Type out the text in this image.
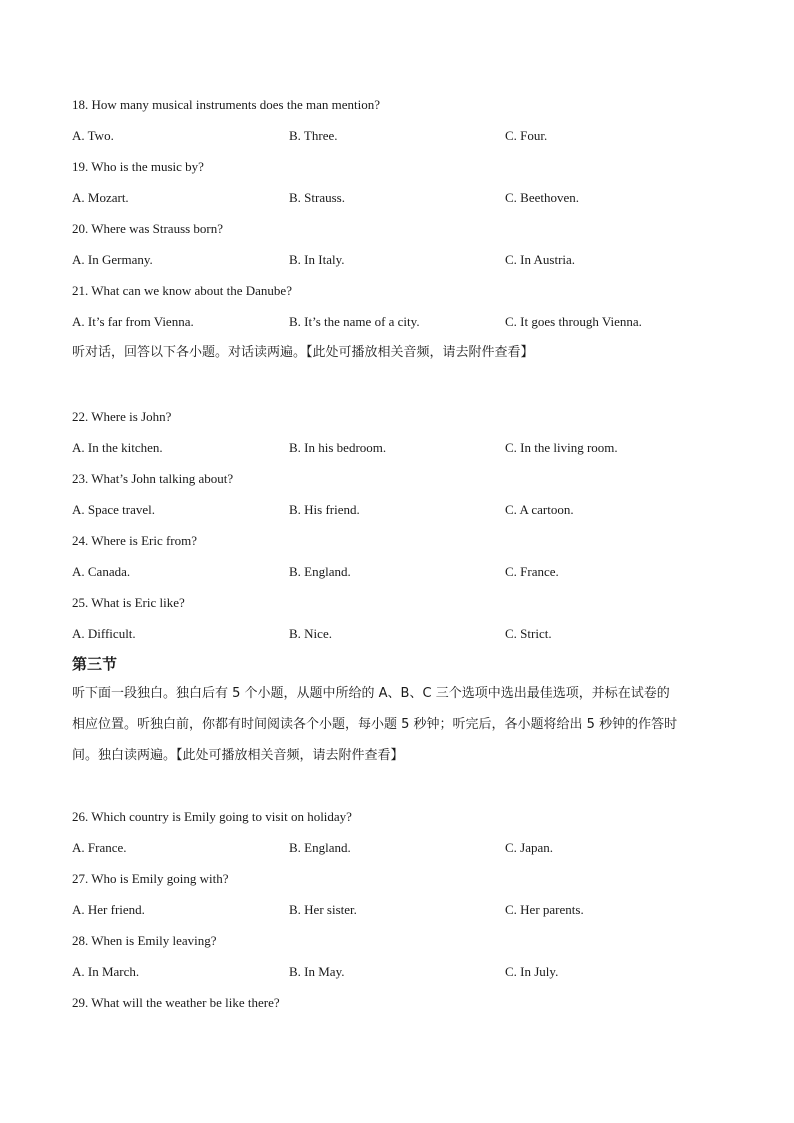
18. How many musical instruments does the man mention?
A. Two.	B. Three.	C. Four.
19. Who is the music by?
A. Mozart.	B. Strauss.	C. Beethoven.
20. Where was Strauss born?
A. In Germany.	B. In Italy.	C. In Austria.
21. What can we know about the Danube?
A. It’s far from Vienna.	B. It’s the name of a city.	C. It goes through Vienna.
听对话，回答以下各小题。对话读两遍。【此处可播放相关音频，请去附件查看】
22. Where is John?
A. In the kitchen.	B. In his bedroom.	C. In the living room.
23. What’s John talking about?
A. Space travel.	B. His friend.	C. A cartoon.
24. Where is Eric from?
A. Canada.	B. England.	C. France.
25. What is Eric like?
A. Difficult.	B. Nice.	C. Strict.
第三节

听下面一段独白。独白后有 5 个小题，从题中所给的 A、B、C 三个选项中选出最佳选项，并标在试卷的

相应位置。听独白前，你都有时间阅读各个小题，每小题 5 秒钟；听完后，各小题将给出 5 秒钟的作答时

间。独白读两遍。【此处可播放相关音频，请去附件查看】

26. Which country is Emily going to visit on holiday?
A. France.	B. England.	C. Japan.
27. Who is Emily going with?
A. Her friend.	B. Her sister.	C. Her parents.
28. When is Emily leaving?
A. In March.	B. In May.	C. In July.
29. What will the weather be like there?
